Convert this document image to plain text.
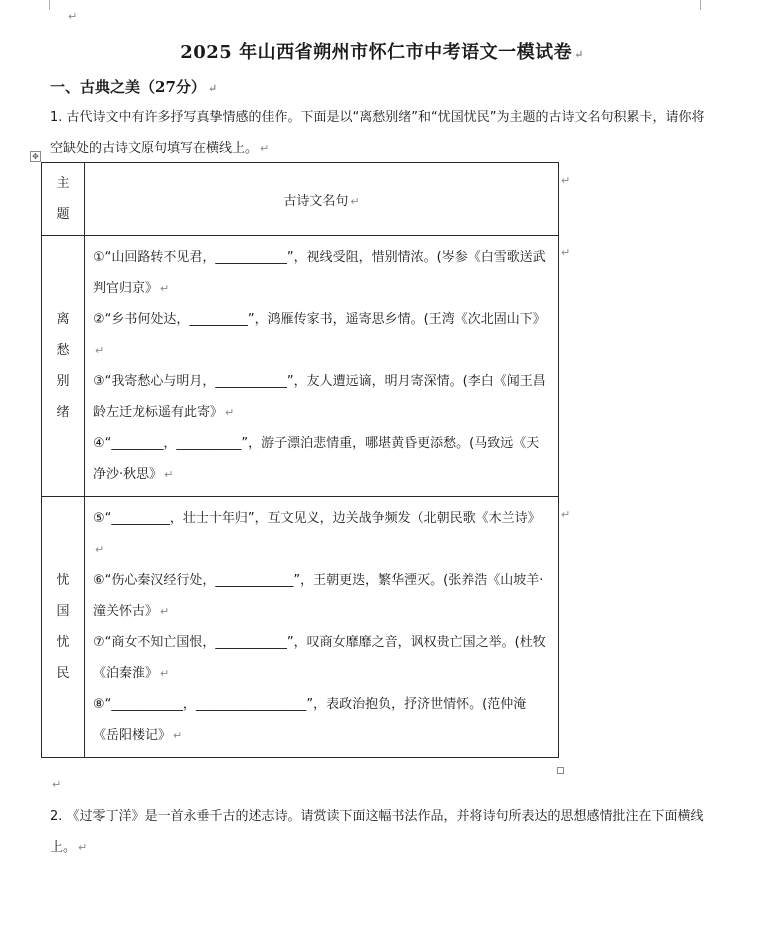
↵
2025 年山西省朔州市怀仁市中考语文一模试卷 ↵
一、古典之美（27分） ↵
1. 古代诗文中有许多抒写真挚情感的佳作。下面是以“离愁别绪”和“忧国忧民”为主题的古诗文名句积累卡，请你将空缺处的古诗文原句填写在横线上。 ↵
✥
主题	古诗文名句 ↵

离愁别绪	①“山回路转不见君，___________”，视线受阻，惜别情浓。(岑参《白雪歌送武判官归京》 ↵
②“乡书何处达，_________”，鸿雁传家书，遥寄思乡情。(王湾《次北固山下》↵
③“我寄愁心与明月，___________”，友人遭远谪，明月寄深情。(李白《闻王昌龄左迁龙标遥有此寄》 ↵
④“________，__________”，游子漂泊悲情重，哪堪黄昏更添愁。(马致远《天净沙·秋思》 ↵

忧国忧民	⑤“_________，壮士十年归”，互文见义，边关战争频发（北朝民歌《木兰诗》↵
⑥“伤心秦汉经行处，____________”，王朝更迭，繁华湮灭。(张养浩《山坡羊·潼关怀古》 ↵
⑦“商女不知亡国恨，___________”，叹商女靡靡之音，讽权贵亡国之举。(杜牧《泊秦淮》 ↵
⑧“___________，_________________”，表政治抱负，抒济世情怀。(范仲淹《岳阳楼记》 ↵
↵
↵
↵
↵
2. 《过零丁洋》是一首永垂千古的述志诗。请赏读下面这幅书法作品，并将诗句所表达的思想感情批注在下面横线上。 ↵
